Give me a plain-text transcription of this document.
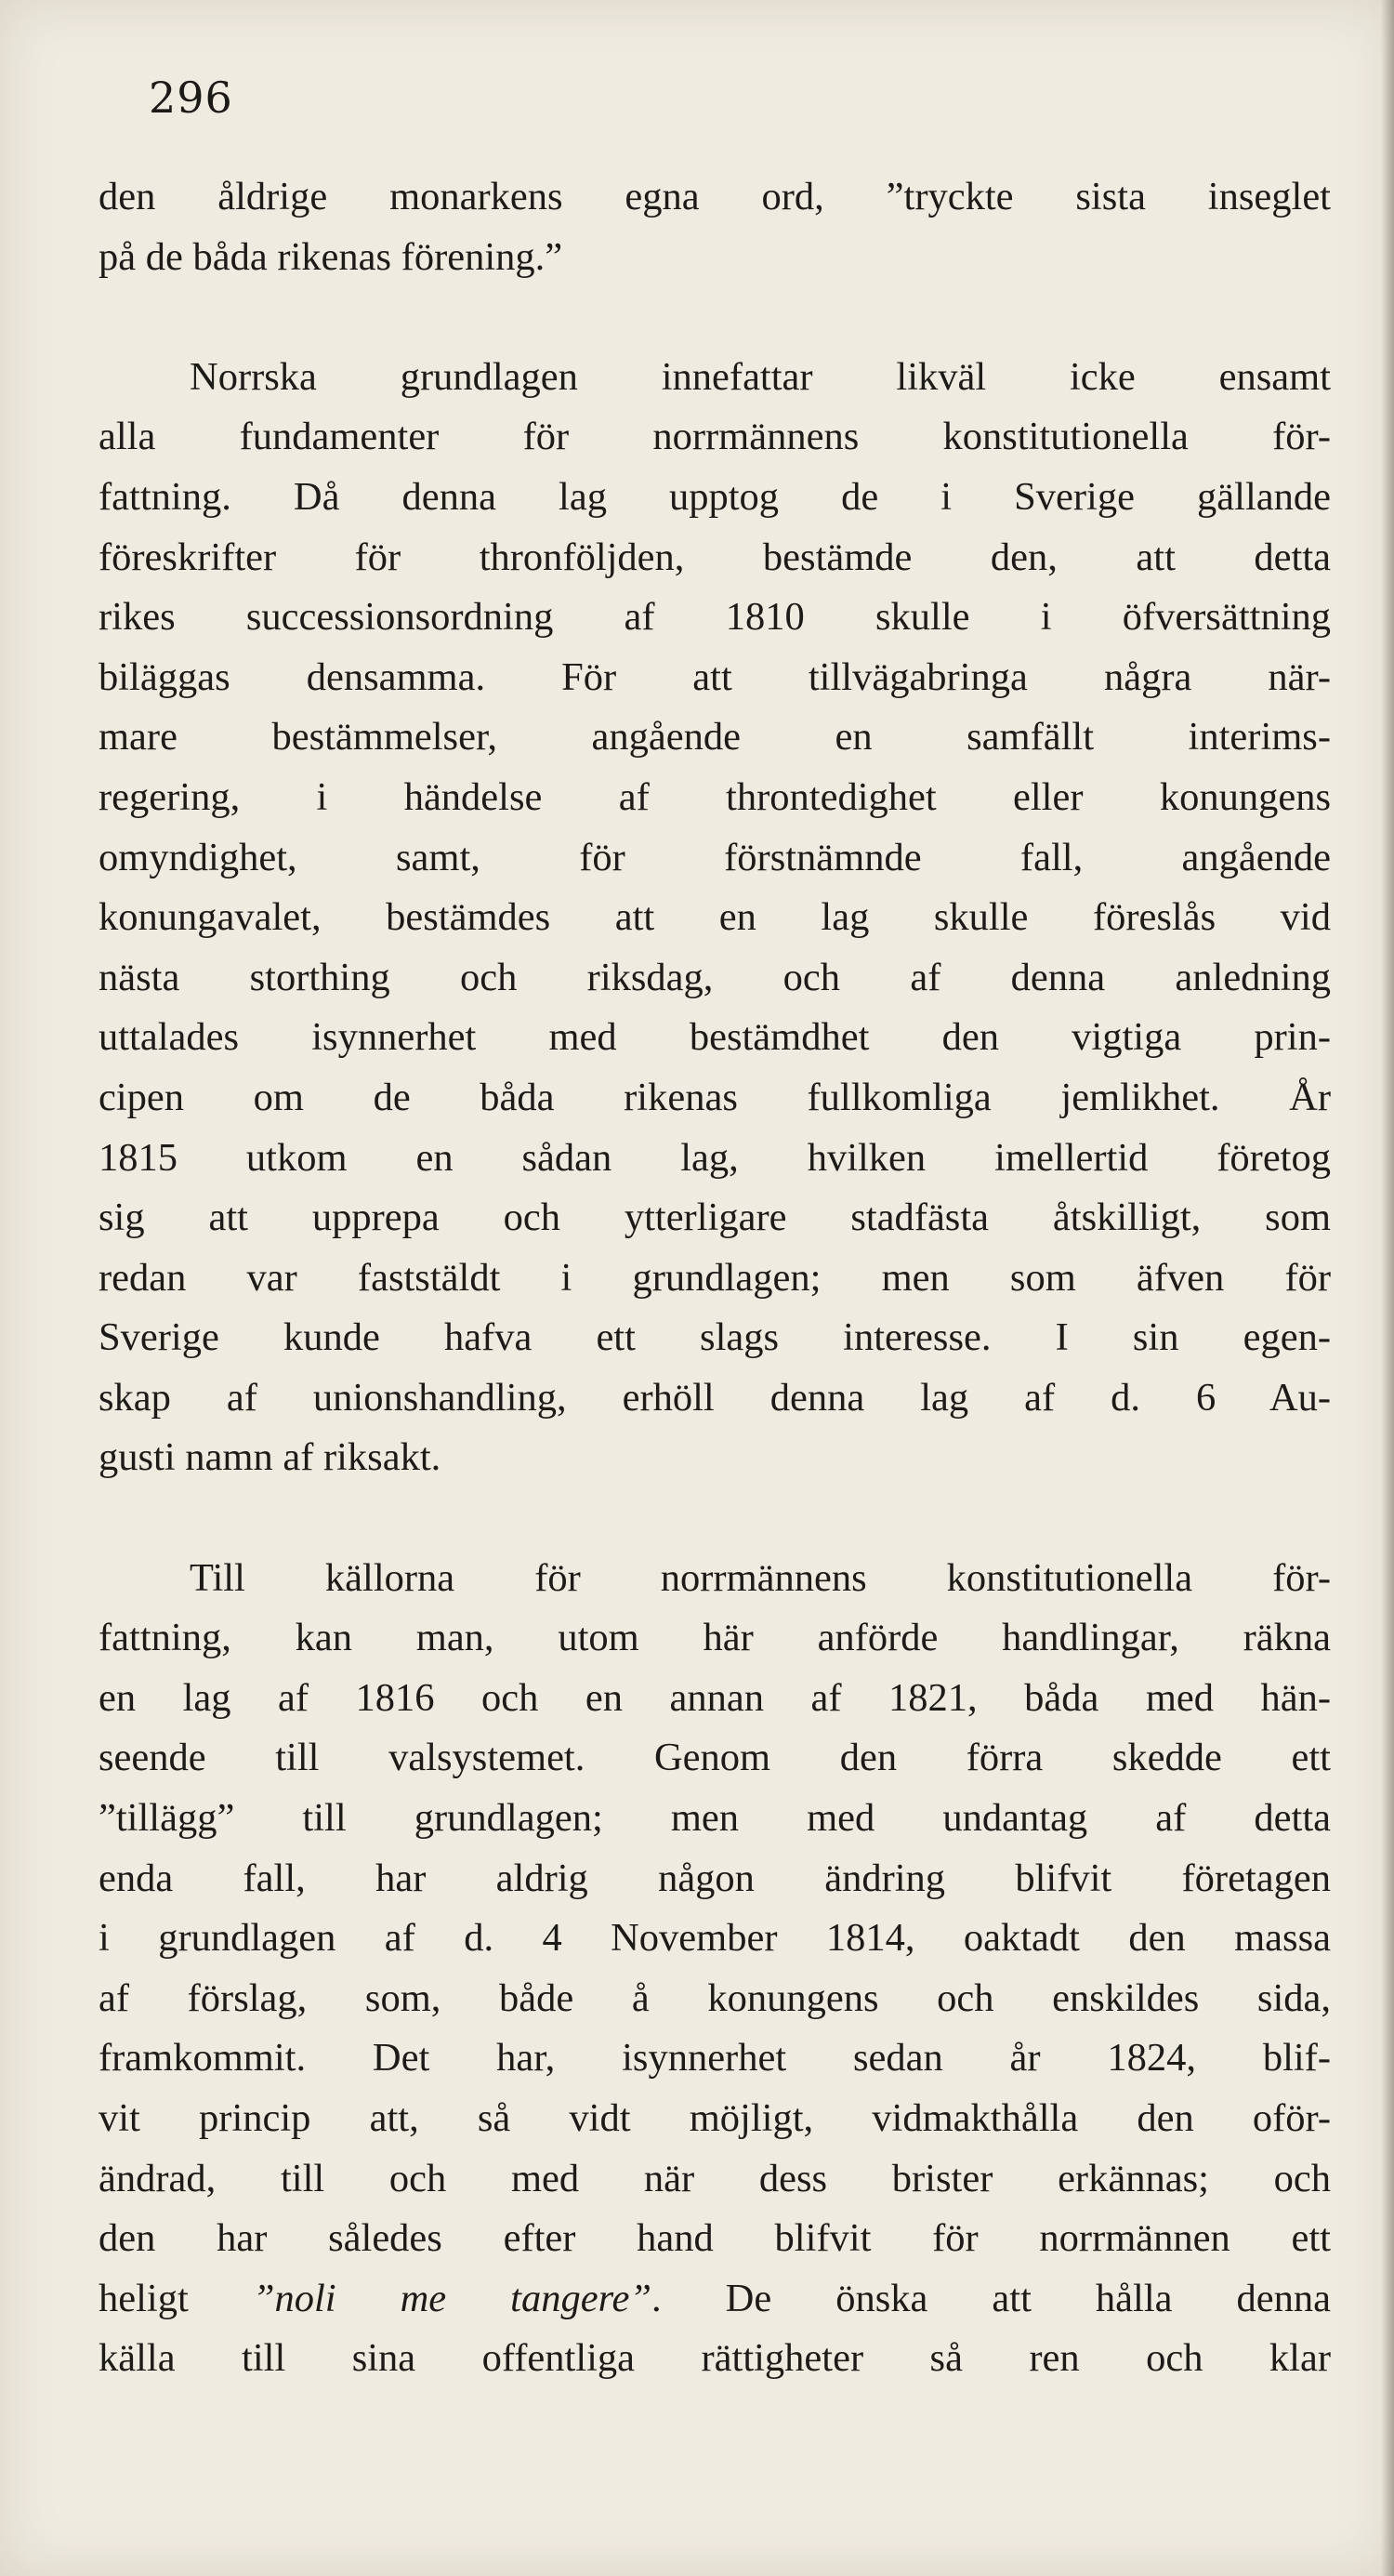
296
den åldrige monarkens egna ord, ”tryckte sista inseglet
på de båda rikenas förening.”
Norrska grundlagen innefattar likväl icke ensamt
alla fundamenter för norrmännens konstitutionella för-
fattning. Då denna lag upptog de i Sverige gällande
föreskrifter för thronföljden, bestämde den, att detta
rikes successionsordning af 1810 skulle i öfversättning
biläggas densamma. För att tillvägabringa några när-
mare bestämmelser, angående en samfällt interims-
regering, i händelse af throntedighet eller konungens
omyndighet, samt, för förstnämnde fall, angående
konungavalet, bestämdes att en lag skulle föreslås vid
nästa storthing och riksdag, och af denna anledning
uttalades isynnerhet med bestämdhet den vigtiga prin-
cipen om de båda rikenas fullkomliga jemlikhet. År
1815 utkom en sådan lag, hvilken imellertid företog
sig att upprepa och ytterligare stadfästa åtskilligt, som
redan var faststäldt i grundlagen; men som äfven för
Sverige kunde hafva ett slags interesse. I sin egen-
skap af unionshandling, erhöll denna lag af d. 6 Au-
gusti namn af riksakt.
Till källorna för norrmännens konstitutionella för-
fattning, kan man, utom här anförde handlingar, räkna
en lag af 1816 och en annan af 1821, båda med hän-
seende till valsystemet. Genom den förra skedde ett
”tillägg” till grundlagen; men med undantag af detta
enda fall, har aldrig någon ändring blifvit företagen
i grundlagen af d. 4 November 1814, oaktadt den massa
af förslag, som, både å konungens och enskildes sida,
framkommit. Det har, isynnerhet sedan år 1824, blif-
vit princip att, så vidt möjligt, vidmakthålla den oför-
ändrad, till och med när dess brister erkännas; och
den har således efter hand blifvit för norrmännen ett
heligt ”noli me tangere”. De önska att hålla denna
källa till sina offentliga rättigheter så ren och klar
